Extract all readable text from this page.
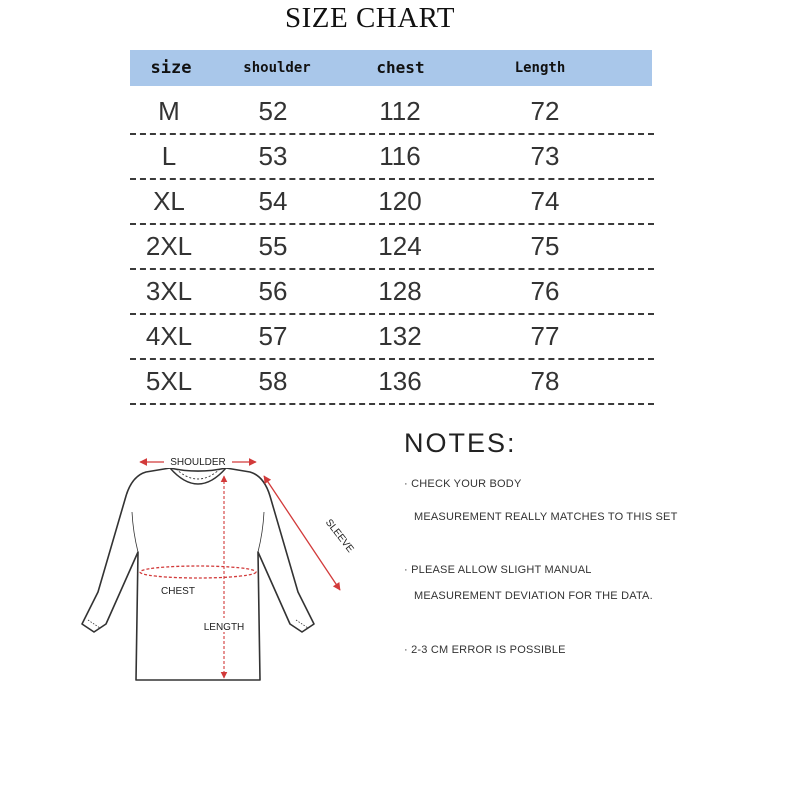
SIZE CHART
size	shoulder	chest	Length
M	52	112	72
L	53	116	73
XL	54	120	74
2XL	55	124	75
3XL	56	128	76
4XL	57	132	77
5XL	58	136	78
SHOULDER
SLEEVE
CHEST
LENGTH
NOTES:
· CHECK YOUR BODY
MEASUREMENT REALLY MATCHES TO THIS SET
· PLEASE ALLOW SLIGHT MANUAL
MEASUREMENT DEVIATION FOR THE DATA.
· 2-3 CM ERROR IS POSSIBLE
